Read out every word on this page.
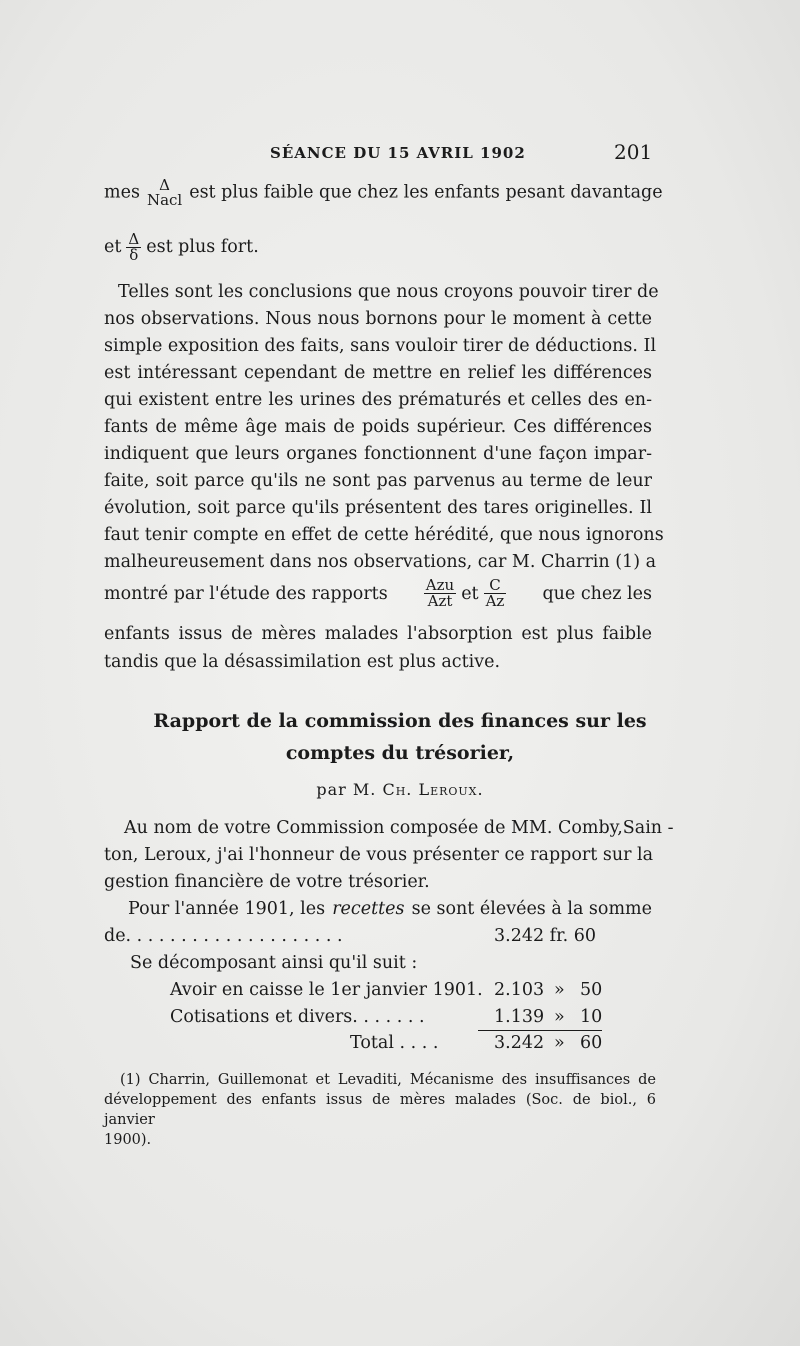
SÉANCE DU 15 AVRIL 1902	201
mes	Δ
Nacl est plus faible que chez les enfants pesant davantage
et $\frac{\Delta}{\delta}$ est plus fort.
Telles sont les conclusions que nous croyons pouvoir tirer de
nos observations. Nous nous bornons pour le moment à cette
simple exposition des faits, sans vouloir tirer de déductions. Il
est intéressant cependant de mettre en relief les différences
qui existent entre les urines des prématurés et celles des en-
fants de même âge mais de poids supérieur. Ces différences
indiquent que leurs organes fonctionnent d'une façon impar-
faite, soit parce qu'ils ne sont pas parvenus au terme de leur
évolution, soit parce qu'ils présentent des tares originelles. Il
faut tenir compte en effet de cette hérédité, que nous ignorons
malheureusement dans nos observations, car M. Charrin (1) a
montré par l'étude des rapports $\frac{\text{Azu}}{\text{Azt}}$ et $\frac{C}{Az}$ que chez les
enfants issus de mères malades l'absorption est plus faible
tandis que la désassimilation est plus active.
Rapport de la commission des finances sur les
comptes du trésorier,
par M. Ch. Leroux.
Au nom de votre Commission composée de MM. Comby,Sain -
ton, Leroux, j'ai l'honneur de vous présenter ce rapport sur la
gestion financière de votre trésorier.
Pour l'année 1901, les recettes se sont élevées à la somme
de. . . . . . . . . . . . . . . . . . . .	3.242 fr. 60
Se décomposant ainsi qu'il suit :
Avoir en caisse le 1er janvier 1901. 2.103 » 50
Cotisations et divers. . . . . . .	1.139 » 10
Total . . . .	3.242 » 60
(1) Charrin, Guillemonat et Levaditi, Mécanisme des insuffisances de
développement des enfants issus de mères malades (Soc. de biol., 6 janvier
1900).
